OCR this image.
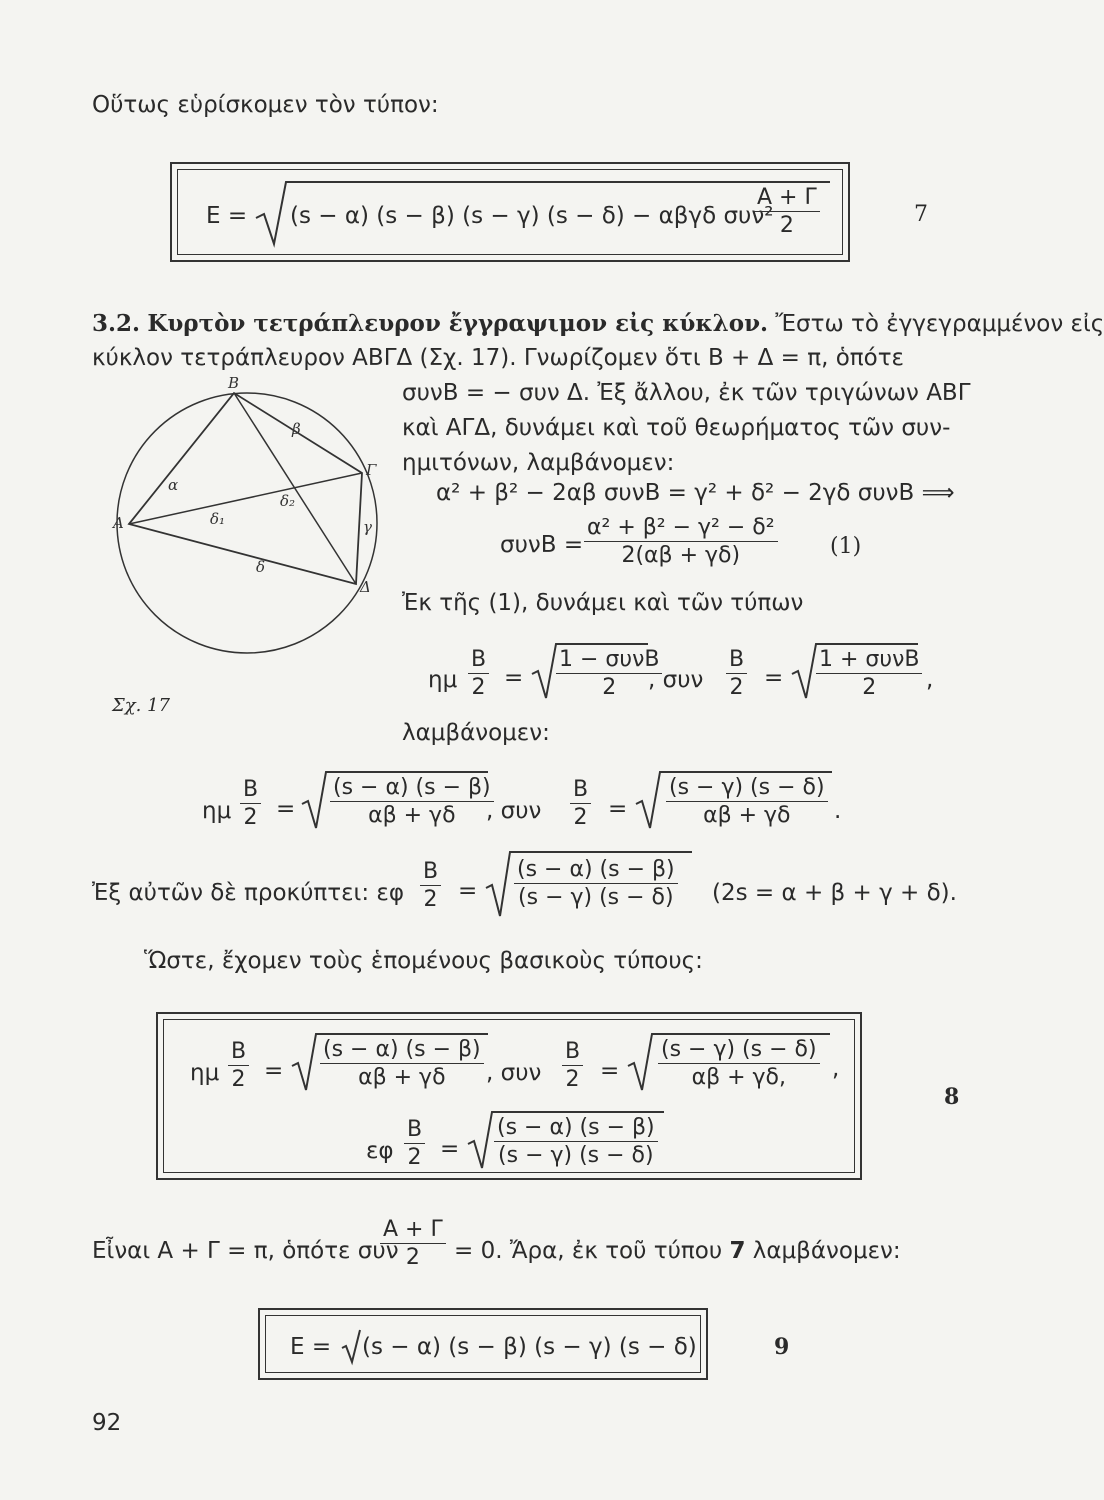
Οὕτως εὑρίσκομεν τὸν τύπον:
E = (s − α) (s − β) (s − γ) (s − δ) − αβγδ συν²
A + Γ
2	7
3.2. Κυρτὸν τετράπλευρον ἔγγραψιμον εἰς κύκλον. Ἔστω τὸ ἐγγεγραμμένον εἰς
κύκλον τετράπλευρον ΑΒΓΔ (Σχ. 17). Γνωρίζομεν ὅτι Β + Δ = π, ὁπότε
συνΒ = − συν Δ. Ἐξ ἄλλου, ἐκ τῶν τριγώνων ΑΒΓ
καὶ ΑΓΔ, δυνάμει καὶ τοῦ θεωρήματος τῶν συν-
ημιτόνων, λαμβάνομεν:
A
B
Γ
Δ
α
β
γ
δ
δ₁
δ₂
Σχ. 17
α² + β² − 2αβ συνΒ = γ² + δ² − 2γδ συνΒ ⟹
συνΒ =
α² + β² − γ² − δ²
2(αβ + γδ)	(1)
Ἐκ τῆς (1), δυνάμει καὶ τῶν τύπων
ημ
B
2 =
1 − συνΒ
2 , συν
B
2 =
1 + συνΒ
2 ,
λαμβάνομεν:
ημ
B
2 =
(s − α) (s − β)
αβ + γδ , συν
B
2 =
(s − γ) (s − δ)
αβ + γδ .
Ἐξ αὐτῶν δὲ προκύπτει: εφ
B
2 =
(s − α) (s − β)
(s − γ) (s − δ) (2s = α + β + γ + δ).
Ὥστε, ἔχομεν τοὺς ἑπομένους βασικοὺς τύπους:
ημ
B
2 =
(s − α) (s − β)
αβ + γδ , συν
B
2 =
(s − γ) (s − δ)
αβ + γδ, ,
εφ
B
2 =
(s − α) (s − β)
(s − γ) (s − δ)
8
Εἶναι Α + Γ = π, ὁπότε συν
A + Γ
2 = 0. Ἄρα, ἐκ τοῦ τύπου 7 λαμβάνομεν:
E = (s − α) (s − β) (s − γ) (s − δ)	9
92
